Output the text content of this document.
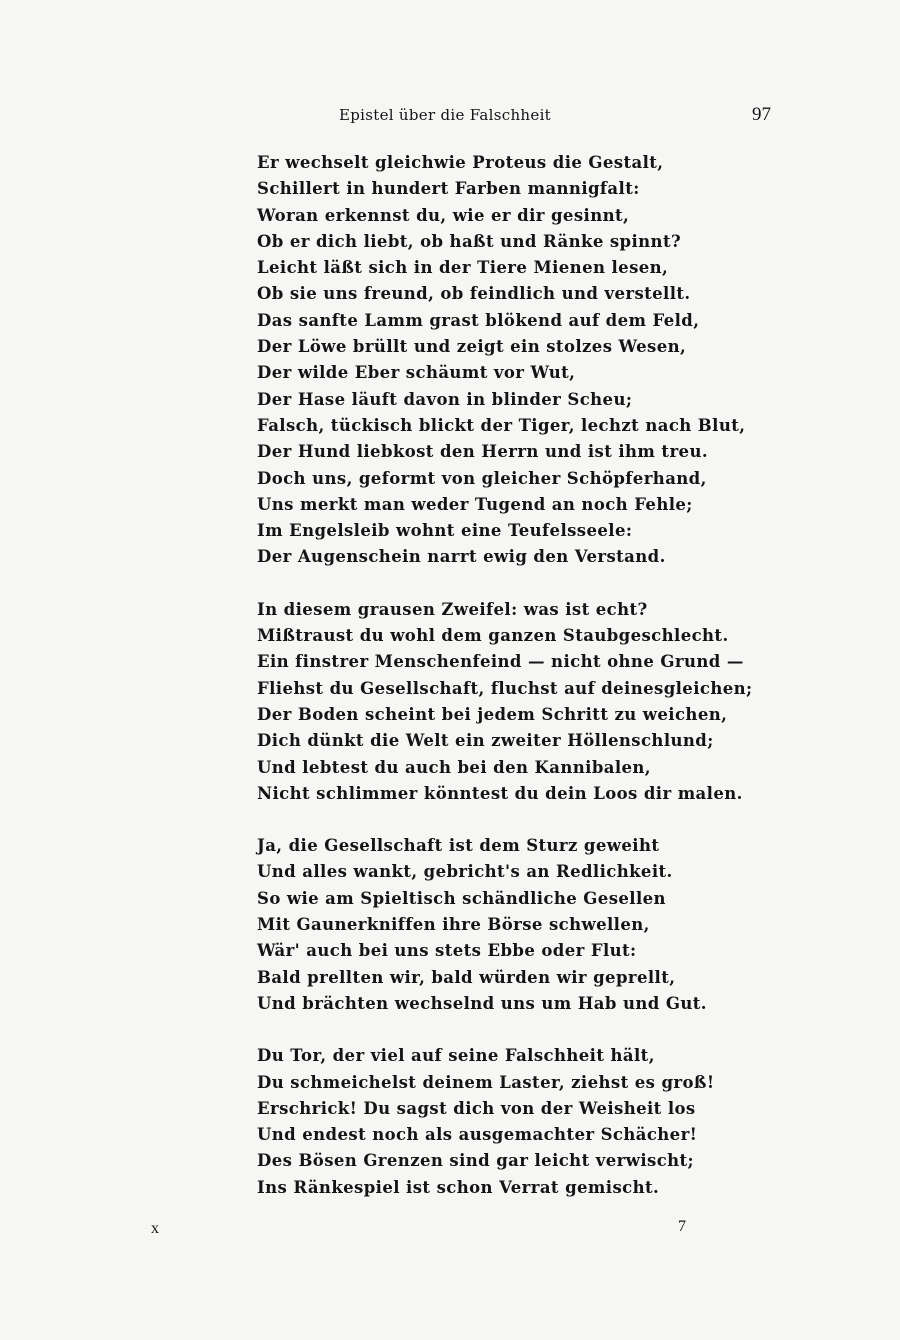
Epistel über die Falschheit	97
Er wechselt gleichwie Proteus die Gestalt,
Schillert in hundert Farben mannigfalt:
Woran erkennst du, wie er dir gesinnt,
Ob er dich liebt, ob haßt und Ränke spinnt?
Leicht läßt sich in der Tiere Mienen lesen,
Ob sie uns freund, ob feindlich und verstellt.
Das sanfte Lamm grast blökend auf dem Feld,
Der Löwe brüllt und zeigt ein stolzes Wesen,
Der wilde Eber schäumt vor Wut,
Der Hase läuft davon in blinder Scheu;
Falsch, tückisch blickt der Tiger, lechzt nach Blut,
Der Hund liebkost den Herrn und ist ihm treu.
Doch uns, geformt von gleicher Schöpferhand,
Uns merkt man weder Tugend an noch Fehle;
Im Engelsleib wohnt eine Teufelsseele:
Der Augenschein narrt ewig den Verstand.
In diesem grausen Zweifel: was ist echt?
Mißtraust du wohl dem ganzen Staubgeschlecht.
Ein finstrer Menschenfeind — nicht ohne Grund —
Fliehst du Gesellschaft, fluchst auf deinesgleichen;
Der Boden scheint bei jedem Schritt zu weichen,
Dich dünkt die Welt ein zweiter Höllenschlund;
Und lebtest du auch bei den Kannibalen,
Nicht schlimmer könntest du dein Loos dir malen.
Ja, die Gesellschaft ist dem Sturz geweiht
Und alles wankt, gebricht's an Redlichkeit.
So wie am Spieltisch schändliche Gesellen
Mit Gaunerkniffen ihre Börse schwellen,
Wär' auch bei uns stets Ebbe oder Flut:
Bald prellten wir, bald würden wir geprellt,
Und brächten wechselnd uns um Hab und Gut.
Du Tor, der viel auf seine Falschheit hält,
Du schmeichelst deinem Laster, ziehst es groß!
Erschrick! Du sagst dich von der Weisheit los
Und endest noch als ausgemachter Schächer!
Des Bösen Grenzen sind gar leicht verwischt;
Ins Ränkespiel ist schon Verrat gemischt.
x	7
